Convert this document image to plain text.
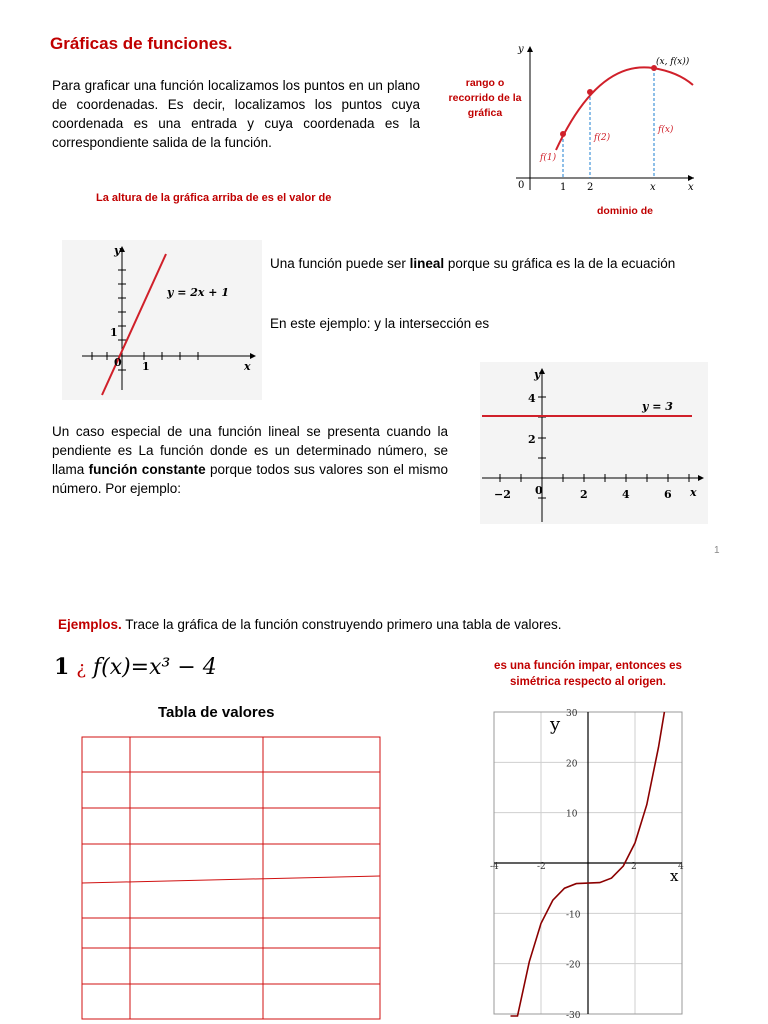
Gráficas de funciones.
Para graficar una función localizamos los puntos en un plano de coordenadas. Es decir, localizamos los puntos cuya coordenada es una entrada y cuya coordenada es la correspondiente salida de la función.
La altura de la gráfica arriba de es el valor de
rango o recorrido de la gráfica
dominio de
y
x
0	1 2	x
(x, f(x))
f(1)
f(2)
f(x)
y
x
y = 2x + 1
1
1
0
Una función puede ser lineal porque su gráfica es la de la ecuación
En este ejemplo: y la intersección es
y
x
y = 3
4
2
−2 0	2	4	6
Un caso especial de una función lineal se presenta cuando la pendiente es La función donde es un determinado número, se llama función constante porque todos sus valores son el mismo número. Por ejemplo:
1
Ejemplos. Trace la gráfica de la función construyendo primero una tabla de valores.
1 ¿ f(x)=x³ − 4	es una función impar, entonces es simétrica respecto al origen.
Tabla de valores
y
x
30
20
10
-10
-20
-30
-4	-2	2	4
